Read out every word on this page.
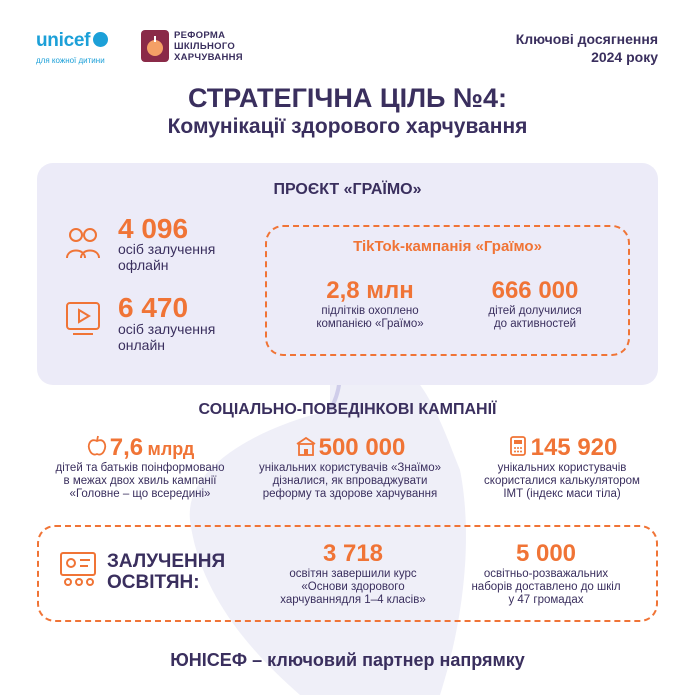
unicef
для кожної дитини
РЕФОРМА
ШКІЛЬНОГО
ХАРЧУВАННЯ
Ключові досягнення
2024 року
СТРАТЕГІЧНА ЦІЛЬ №4:
Комунікації здорового харчування
ПРОЄКТ «ГРАЇМО»
4 096
осіб залучення
офлайн
6 470
осіб залучення
онлайн
TikTok-кампанія «Граїмо»
2,8 млн
підлітків охоплено
компанією «Граїмо»
666 000
дітей долучилися
до активностей
СОЦІАЛЬНО-ПОВЕДІНКОВІ КАМПАНІЇ
7,6 млрд
дітей та батьків поінформовано
в межах двох хвиль кампанії
«Головне – що всередині»
500 000
унікальних користувачів «Знаїмо»
дізналися, як впроваджувати
реформу та здорове харчування
145 920
унікальних користувачів
скористалися калькулятором
ІМТ (індекс маси тіла)
ЗАЛУЧЕННЯ
ОСВІТЯН:
3 718
освітян завершили курс
«Основи здорового
харчуваннядля 1–4 класів»
5 000
освітньо-розважальних
наборів доставлено до шкіл
у 47 громадах
ЮНІСЕФ – ключовий партнер напрямку
